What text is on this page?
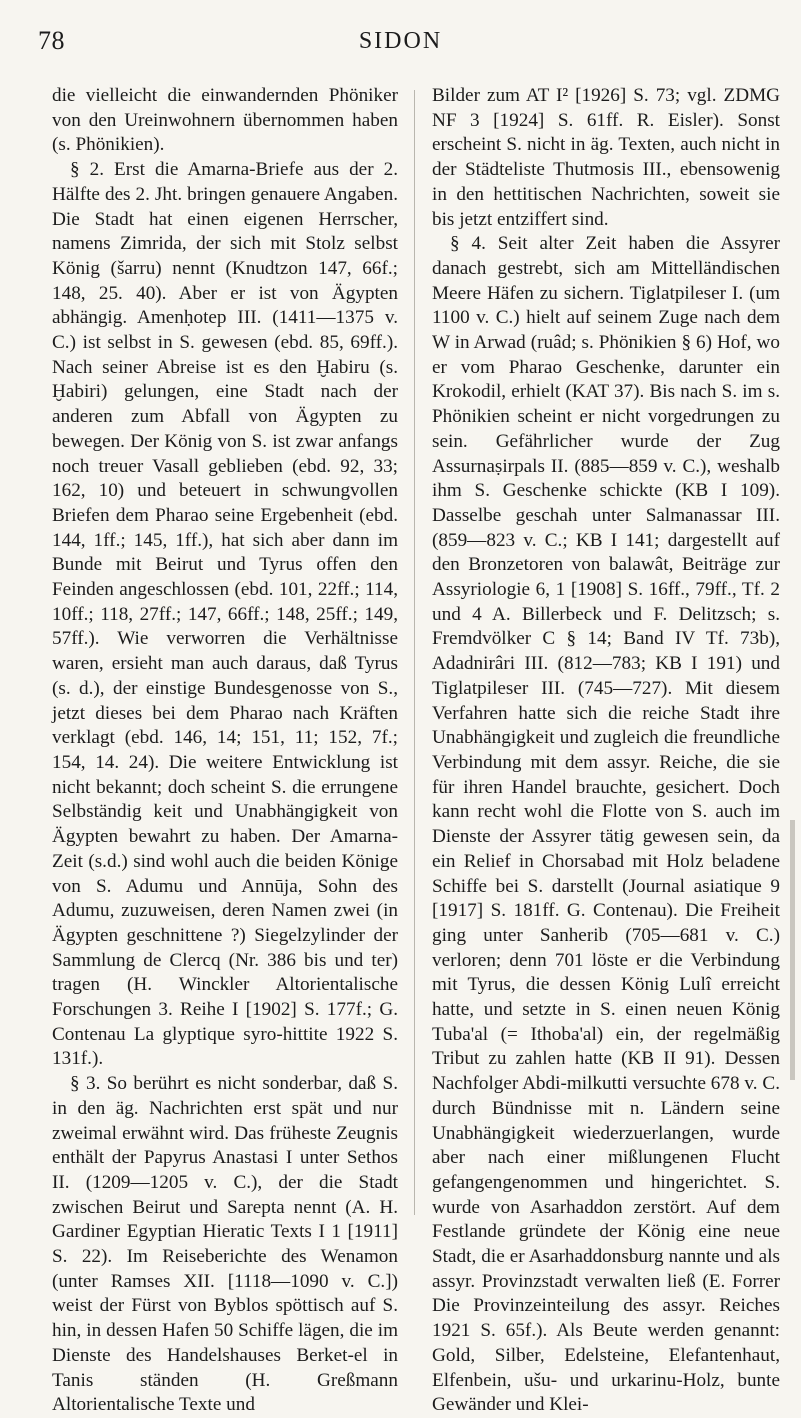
78	SIDON

die vielleicht die einwandernden Phöniker von den Ureinwohnern übernommen haben (s. Phönikien).

§ 2. Erst die Amarna-Briefe aus der 2. Hälfte des 2. Jht. bringen genauere Angaben. Die Stadt hat einen eigenen Herrscher, namens Zimrida, der sich mit Stolz selbst König (šarru) nennt (Knudtzon 147, 66f.; 148, 25. 40). Aber er ist von Ägypten abhängig. Amenḥotep III. (1411—1375 v. C.) ist selbst in S. gewesen (ebd. 85, 69ff.). Nach seiner Abreise ist es den Ḫabiru (s. Ḫabiri) gelungen, eine Stadt nach der anderen zum Abfall von Ägypten zu bewegen. Der König von S. ist zwar anfangs noch treuer Vasall geblieben (ebd. 92, 33; 162, 10) und beteuert in schwungvollen Briefen dem Pharao seine Ergebenheit (ebd. 144, 1ff.; 145, 1ff.), hat sich aber dann im Bunde mit Beirut und Tyrus offen den Feinden angeschlossen (ebd. 101, 22ff.; 114, 10ff.; 118, 27ff.; 147, 66ff.; 148, 25ff.; 149, 57ff.). Wie verworren die Verhältnisse waren, ersieht man auch daraus, daß Tyrus (s. d.), der einstige Bundesgenosse von S., jetzt dieses bei dem Pharao nach Kräften verklagt (ebd. 146, 14; 151, 11; 152, 7f.; 154, 14. 24). Die weitere Entwicklung ist nicht bekannt; doch scheint S. die errungene Selbständig keit und Unabhängigkeit von Ägypten bewahrt zu haben. Der Amarna-Zeit (s.d.) sind wohl auch die beiden Könige von S. Adumu und Annūja, Sohn des Adumu, zuzuweisen, deren Namen zwei (in Ägypten geschnittene ?) Siegelzylinder der Sammlung de Clercq (Nr. 386 bis und ter) tragen (H. Winckler Altorientalische Forschungen 3. Reihe I [1902] S. 177f.; G. Contenau La glyptique syro-hittite 1922 S. 131f.).

§ 3. So berührt es nicht sonderbar, daß S. in den äg. Nachrichten erst spät und nur zweimal erwähnt wird. Das früheste Zeugnis enthält der Papyrus Anastasi I unter Sethos II. (1209—1205 v. C.), der die Stadt zwischen Beirut und Sarepta nennt (A. H. Gardiner Egyptian Hieratic Texts I 1 [1911] S. 22). Im Reiseberichte des Wenamon (unter Ramses XII. [1118—1090 v. C.]) weist der Fürst von Byblos spöttisch auf S. hin, in dessen Hafen 50 Schiffe lägen, die im Dienste des Handelshauses Berket-el in Tanis ständen (H. Greßmann Altorientalische Texte und

Bilder zum AT I² [1926] S. 73; vgl. ZDMG NF 3 [1924] S. 61ff. R. Eisler). Sonst erscheint S. nicht in äg. Texten, auch nicht in der Städteliste Thutmosis III., ebensowenig in den hettitischen Nachrichten, soweit sie bis jetzt entziffert sind.

§ 4. Seit alter Zeit haben die Assyrer danach gestrebt, sich am Mittelländischen Meere Häfen zu sichern. Tiglatpileser I. (um 1100 v. C.) hielt auf seinem Zuge nach dem W in Arwad (ruâd; s. Phönikien § 6) Hof, wo er vom Pharao Geschenke, darunter ein Krokodil, erhielt (KAT 37). Bis nach S. im s. Phönikien scheint er nicht vorgedrungen zu sein. Gefährlicher wurde der Zug Assurnaṣirpals II. (885—859 v. C.), weshalb ihm S. Geschenke schickte (KB I 109). Dasselbe geschah unter Salmanassar III. (859—823 v. C.; KB I 141; dargestellt auf den Bronzetoren von balawât, Beiträge zur Assyriologie 6, 1 [1908] S. 16ff., 79ff., Tf. 2 und 4 A. Billerbeck und F. Delitzsch; s. Fremdvölker C § 14; Band IV Tf. 73b), Adadnirâri III. (812—783; KB I 191) und Tiglatpileser III. (745—727). Mit diesem Verfahren hatte sich die reiche Stadt ihre Unabhängigkeit und zugleich die freundliche Verbindung mit dem assyr. Reiche, die sie für ihren Handel brauchte, gesichert. Doch kann recht wohl die Flotte von S. auch im Dienste der Assyrer tätig gewesen sein, da ein Relief in Chorsabad mit Holz beladene Schiffe bei S. darstellt (Journal asiatique 9 [1917] S. 181ff. G. Contenau). Die Freiheit ging unter Sanherib (705—681 v. C.) verloren; denn 701 löste er die Verbindung mit Tyrus, die dessen König Lulî erreicht hatte, und setzte in S. einen neuen König Tuba'al (= Ithoba'al) ein, der regelmäßig Tribut zu zahlen hatte (KB II 91). Dessen Nachfolger Abdi-milkutti versuchte 678 v. C. durch Bündnisse mit n. Ländern seine Unabhängigkeit wiederzuerlangen, wurde aber nach einer mißlungenen Flucht gefangengenommen und hingerichtet. S. wurde von Asarhaddon zerstört. Auf dem Festlande gründete der König eine neue Stadt, die er Asarhaddonsburg nannte und als assyr. Provinzstadt verwalten ließ (E. Forrer Die Provinzeinteilung des assyr. Reiches 1921 S. 65f.). Als Beute werden genannt: Gold, Silber, Edelsteine, Elefantenhaut, Elfenbein, ušu- und urkarinu-Holz, bunte Gewänder und Klei-
